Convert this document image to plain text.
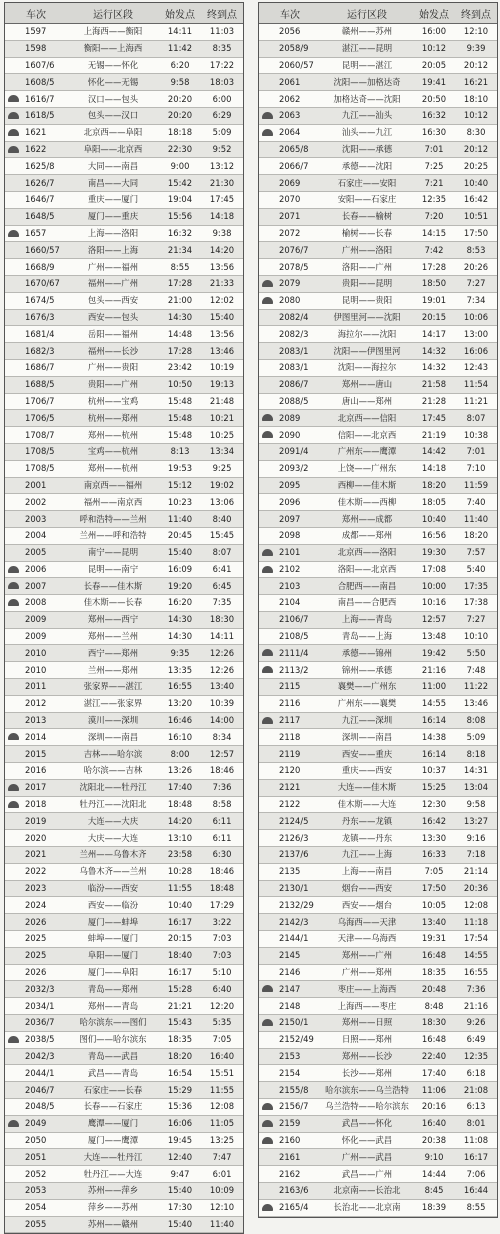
车次	运行区段	始发点	终到点
1597	上海西——衡阳	14:11	11:03
1598	衡阳——上海西	11:42	8:35
1607/6	无锡——怀化	6:20	17:22
1608/5	怀化——无锡	9:58	18:03
1616/7	汉口——包头	20:20	6:00
1618/5	包头——汉口	20:20	6:29
1621	北京西——阜阳	18:18	5:09
1622	阜阳——北京西	22:30	9:52
1625/8	大同——南昌	9:00	13:12
1626/7	南昌——大同	15:42	21:30
1646/7	重庆——厦门	19:04	17:45
1648/5	厦门——重庆	15:56	14:18
1657	上海——洛阳	16:32	9:38
1660/57	洛阳——上海	21:34	14:20
1668/9	广州——福州	8:55	13:56
1670/67	福州——广州	17:28	21:33
1674/5	包头——西安	21:00	12:02
1676/3	西安——包头	14:30	15:40
1681/4	岳阳——福州	14:48	13:56
1682/3	福州——长沙	17:28	13:46
1686/7	广州——贵阳	23:42	10:19
1688/5	贵阳——广州	10:50	19:13
1706/7	杭州——宝鸡	15:48	21:48
1706/5	杭州——郑州	15:48	10:21
1708/7	郑州——杭州	15:48	10:25
1708/5	宝鸡——杭州	8:13	13:34
1708/5	郑州——杭州	19:53	9:25
2001	南京西——福州	15:12	19:02
2002	福州——南京西	10:23	13:06
2003	呼和浩特——兰州	11:40	8:40
2004	兰州——呼和浩特	20:45	15:45
2005	南宁——昆明	15:40	8:07
2006	昆明——南宁	16:09	6:41
2007	长春——佳木斯	19:20	6:45
2008	佳木斯——长春	16:20	7:35
2009	郑州——西宁	14:30	18:30
2009	郑州——兰州	14:30	14:11
2010	西宁——郑州	9:35	12:26
2010	兰州——郑州	13:35	12:26
2011	张家界——湛江	16:55	13:40
2012	湛江——张家界	13:20	10:39
2013	漠川——深圳	16:46	14:00
2014	深圳——南昌	16:10	8:34
2015	吉林——哈尔滨	8:00	12:57
2016	哈尔滨——吉林	13:26	18:46
2017	沈阳北——牡丹江	17:40	7:36
2018	牡丹江——沈阳北	18:48	8:58
2019	大连——大庆	14:20	6:11
2020	大庆——大连	13:10	6:11
2021	兰州——乌鲁木齐	23:58	6:30
2022	乌鲁木齐——兰州	10:28	18:46
2023	临汾——西安	11:55	18:48
2024	西安——临汾	10:40	17:29
2026	厦门——蚌埠	16:17	3:22
2025	蚌埠——厦门	20:15	7:03
2025	阜阳——厦门	18:40	7:03
2026	厦门——阜阳	16:17	5:10
2032/3	青岛——郑州	15:28	6:40
2034/1	郑州——青岛	21:21	12:20
2036/7	哈尔滨东——图们	15:43	5:35
2038/5	图们——哈尔滨东	18:35	7:05
2042/3	青岛——武昌	18:20	16:40
2044/1	武昌——青岛	16:54	15:51
2046/7	石家庄——长春	15:29	11:55
2048/5	长春——石家庄	15:36	12:08
2049	鹰潭——厦门	16:06	11:05
2050	厦门——鹰潭	19:45	13:25
2051	大连——牡丹江	12:40	7:47
2052	牡丹江——大连	9:47	6:01
2053	苏州——萍乡	15:40	10:09
2054	萍乡——苏州	17:30	12:10
2055	苏州——赣州	15:40	11:40
车次	运行区段	始发点	终到点
2056	赣州——苏州	16:00	12:10
2058/9	湛江——昆明	10:12	9:39
2060/57	昆明——湛江	20:05	20:12
2061	沈阳——加格达奇	19:41	16:21
2062	加格达奇——沈阳	20:50	18:10
2063	九江——汕头	16:32	10:12
2064	汕头——九江	16:30	8:30
2065/8	沈阳——承德	7:01	20:12
2066/7	承德——沈阳	7:25	20:25
2069	石家庄——安阳	7:21	10:40
2070	安阳——石家庄	12:35	16:42
2071	长春——榆树	7:20	10:51
2072	榆树——长春	14:15	17:50
2076/7	广州——洛阳	7:42	8:53
2078/5	洛阳——广州	17:28	20:26
2079	贵阳——昆明	18:50	7:27
2080	昆明——贵阳	19:01	7:34
2082/4	伊图里河——沈阳	20:15	10:06
2082/3	海拉尔——沈阳	14:17	13:00
2083/1	沈阳——伊图里河	14:32	16:06
2083/1	沈阳——海拉尔	14:32	12:43
2086/7	郑州——唐山	21:58	11:54
2088/5	唐山——郑州	21:28	11:21
2089	北京西——信阳	17:45	8:07
2090	信阳——北京西	21:19	10:38
2091/4	广州东——鹰潭	14:42	7:01
2093/2	上饶——广州东	14:18	7:10
2095	西柳——佳木斯	18:20	11:59
2096	佳木斯——西柳	18:05	7:40
2097	郑州——成都	10:40	11:40
2098	成都——郑州	16:56	18:20
2101	北京西——洛阳	19:30	7:57
2102	洛阳——北京西	17:08	5:40
2103	合肥西——南昌	10:00	17:35
2104	南昌——合肥西	10:16	17:38
2106/7	上海——青岛	12:57	7:27
2108/5	青岛——上海	13:48	10:10
2111/4	承德——锦州	19:42	5:50
2113/2	锦州——承德	21:16	7:48
2115	襄樊——广州东	11:00	11:22
2116	广州东——襄樊	14:55	13:46
2117	九江——深圳	16:14	8:08
2118	深圳——南昌	14:38	5:09
2119	西安——重庆	16:14	8:18
2120	重庆——西安	10:37	14:31
2121	大连——佳木斯	15:25	13:04
2122	佳木斯——大连	12:30	9:58
2124/5	丹东——龙镇	16:42	13:27
2126/3	龙镇——丹东	13:30	9:16
2137/6	九江——上海	16:33	7:18
2135	上海——南昌	7:05	21:14
2130/1	烟台——西安	17:50	20:36
2132/29	西安——烟台	10:05	12:08
2142/3	乌海西——天津	13:40	11:18
2144/1	天津——乌海西	19:31	17:54
2145	郑州——广州	16:48	14:55
2146	广州——郑州	18:35	16:55
2147	枣庄——上海西	20:48	7:36
2148	上海西——枣庄	8:48	21:16
2150/1	郑州——日照	18:30	9:26
2152/49	日照——郑州	16:48	6:49
2153	郑州——长沙	22:40	12:35
2154	长沙——郑州	17:40	6:18
2155/8	哈尔滨东——乌兰浩特	11:06	21:08
2156/7	乌兰浩特——哈尔滨东	20:16	6:13
2159	武昌——怀化	16:40	8:01
2160	怀化——武昌	20:38	11:08
2161	广州——武昌	9:10	16:17
2162	武昌——广州	14:44	7:06
2163/6	北京南——长治北	8:45	16:44
2165/4	长治北——北京南	18:39	8:55
